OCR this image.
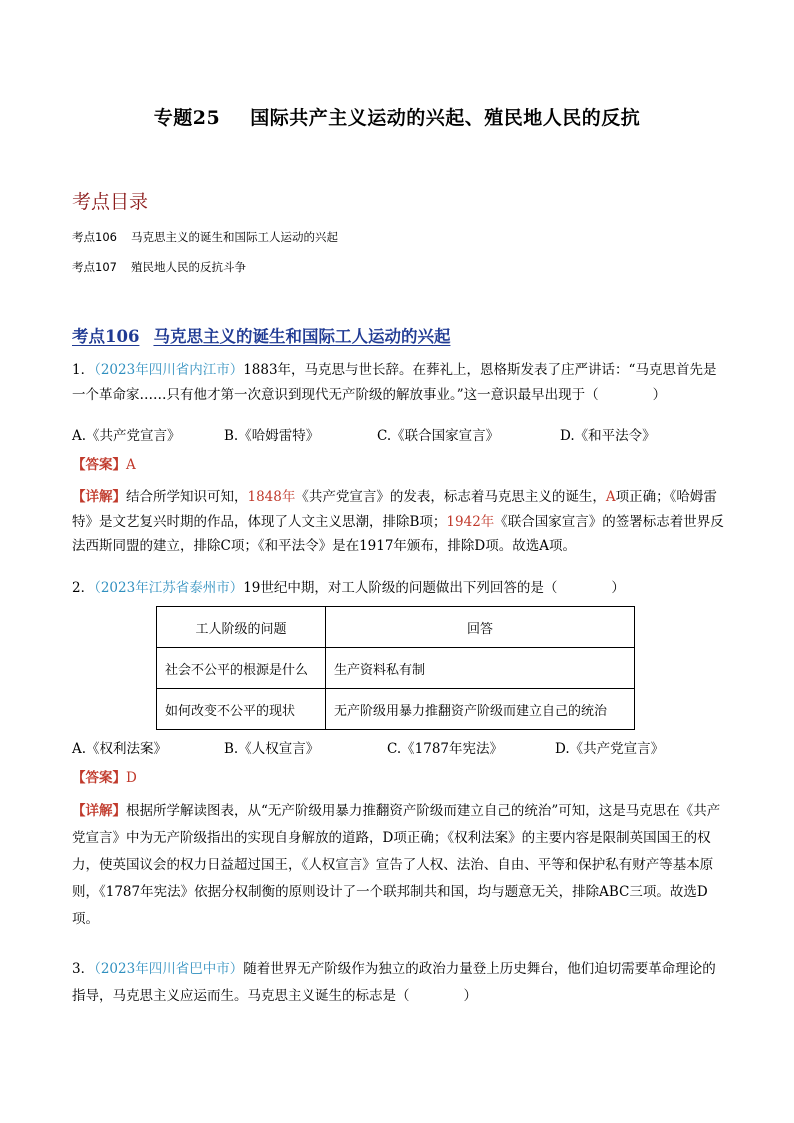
专题25 国际共产主义运动的兴起、殖民地人民的反抗
考点目录
考点106 马克思主义的诞生和国际工人运动的兴起
考点107 殖民地人民的反抗斗争
考点106 马克思主义的诞生和国际工人运动的兴起
1．（2023年四川省内江市）1883年，马克思与世长辞。在葬礼上，恩格斯发表了庄严讲话：“马克思首先是一个革命家……只有他才第一次意识到现代无产阶级的解放事业。”这一意识最早出现于（　　　　）
A.《共产党宣言》	B.《哈姆雷特》	C.《联合国家宣言》	D.《和平法令》
【答案】A
【详解】结合所学知识可知，1848年《共产党宣言》的发表，标志着马克思主义的诞生，A项正确；《哈姆雷特》是文艺复兴时期的作品，体现了人文主义思潮，排除B项；1942年《联合国家宣言》的签署标志着世界反法西斯同盟的建立，排除C项；《和平法令》是在1917年颁布，排除D项。故选A项。
2．（2023年江苏省泰州市）19世纪中期，对工人阶级的问题做出下列回答的是（　　　　）
工人阶级的问题	回答
社会不公平的根源是什么	生产资料私有制
如何改变不公平的现状	无产阶级用暴力推翻资产阶级而建立自己的统治
A.《权利法案》	B.《人权宣言》	C.《1787年宪法》	D.《共产党宣言》
【答案】D
【详解】根据所学解读图表，从“无产阶级用暴力推翻资产阶级而建立自己的统治”可知，这是马克思在《共产党宣言》中为无产阶级指出的实现自身解放的道路，D项正确；《权利法案》的主要内容是限制英国国王的权力，使英国议会的权力日益超过国王，《人权宣言》宣告了人权、法治、自由、平等和保护私有财产等基本原则，《1787年宪法》依据分权制衡的原则设计了一个联邦制共和国，均与题意无关，排除ABC三项。故选D项。
3．（2023年四川省巴中市）随着世界无产阶级作为独立的政治力量登上历史舞台，他们迫切需要革命理论的指导，马克思主义应运而生。马克思主义诞生的标志是（　　　　）
